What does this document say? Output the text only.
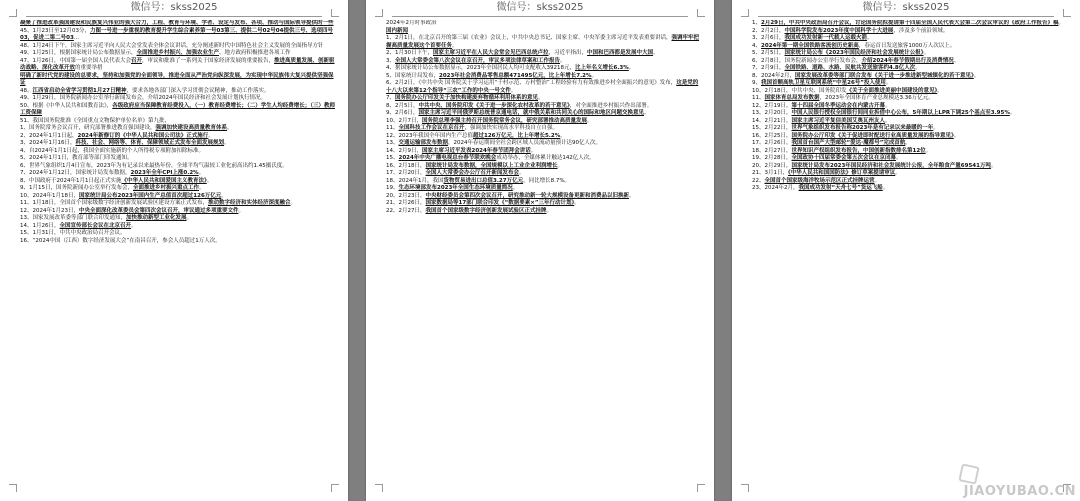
微信号：skss2025

凝聚了推进改革强国建设和民族复兴伟业的强大合力，工程、教育与环境、学者、设定与发布、各项、推动与国际领导提供的一些

45、1月23日至12月03分，力图一号进一步重视的教育提升学生综合素养第一号03第三、提供二号02号04提供三号、选项四号03，促进二第二号03...

48、1月24日下午，国家主席习近平向人民大会堂发表全体会议讲话，充分阐述新时代中国特色社会主义发展的全面指导方针

49、1月25日，根据国家统计局公布数据显示，全面推进乡村振兴、加强农业生产、地方政府积极推进各项工作

47、1月26日，中国第一届全国人民代表大会召开，审议和批准了一系列关于国家经济发展的重要报告，推进高质量发展、创新驱动战略、深化改革开放的重要举措

明确了新时代党的建设的总要求，坚持和加强党的全面领导，推进全面从严治党向纵深发展，为实现中华民族伟大复兴提供坚强保证

48、江西省启动全省学习贯彻1月27日精神，要求各地各部门深入学习贯彻会议精神，推动工作落实。

49、1月29日，国务院新闻办公室举行新闻发布会，介绍2024年国民经济和社会发展计划执行情况。

50、根据《中华人民共和国教育法》，各级政府应当保障教育经费投入，（一）教育经费增长；（二）学生人均经费增长；（三）教师工资保障

51、我国国务院批准《全国重点文物保护单位名单》第九批，

1、国务院常务会议召开，研究部署推进教育强国建设，强调加快建设高质量教育体系。

2、2024年1月1日起，2024年新修订的《中华人民共和国公司法》正式施行。

3、2024年1月16日，科技、社会、网络等、体育、保障领域正式发布全面发展规划。

4、自2024年1月1日起，我国全面实施新的个人所得税专项附加扣除标准。

5、2024年1月1日，教育部等部门印发通知。

6、世界气象组织1月4日宣布，2023年为有记录以来最热年份，全球平均气温较工业化前高出约1.45摄氏度。

7、2024年1月12日，国家统计局发布数据，2023年全年CPI上涨0.2%。

8、中国政府于2024年1月1日起正式实施《中华人民共和国爱国主义教育法》。

9、1月15日，国务院新闻办公室举行发布会，全面推进乡村振兴重点工作。

10、2024年1月18日，国家统计局公布2023年国内生产总值首次超过126万亿元。

11、1月18日，全国首个国家级数字经济创新发展试验区建设方案正式发布，推动数字经济和实体经济深度融合。

12、2024年1月23日，中央全面深化改革委员会第四次会议召开，审议通过多项重要文件。

13、国家发展改革委等部门联合印发通知，加快推动新型工业化发展。

14、1月26日，全国宣传部长会议在北京召开。

15、1月31日，中共中央政治局召开会议。

16、“2024中国（江西）数字经济发展大会”在南昌召开，参会人员超过1万人次。

微信号：skss2025

2024年2月时事政治

国内新闻

1、2月1日，在北京召开的第三届《农业》会议上，中共中央总书记、国家主席、中央军委主席习近平发表重要讲话，强调牢牢把握高质量发展这个首要任务。

2、1月30日下午，国家主席习近平在人民大会堂会见巴西总统卢拉，习近平指出，中国和巴西都是发展中大国。

3、全国人大常委会第八次会议在京召开，审议多项法律草案和工作报告。

4、据国家统计局公布数据显示，2023年全国居民人均可支配收入39218元，比上年名义增长6.3%。

5、国家统计局发布，2023年社会消费品零售总额471495亿元，比上年增长7.2%。

6、2月2日，《中共中央 国务院关于学习运用“千村示范、万村整治”工程经验有力有效推进乡村全面振兴的意见》发布，这是党的十八大以来第12个指导“三农”工作的中央一号文件。

7、国务院办公厅印发关于加快构建废弃物循环利用体系的意见。

8、2月5日，中共中央、国务院印发《关于进一步深化农村改革的若干意见》，对全面推进乡村振兴作出部署。

9、2月6日，国家主席习近平同俄罗斯总统普京通电话，就中俄关系和共同关心的国际和地区问题交换意见。

10、2月7日，国务院总理李强主持召开国务院常务会议，研究部署推动高质量发展。

11、全国科技工作会议在京召开，强调加快实现高水平科技自立自强。

12、2023年我国全年国内生产总值超过126万亿元，比上年增长5.2%。

13、交通运输部发布数据，2024年春运期间全社会跨区域人员流动量预计达90亿人次。

14、2月9日，国家主席习近平发表2024年春节团拜会讲话。

15、2024年中央广播电视总台春节联欢晚会成功举办，全媒体累计触达142亿人次。

16、2月18日，国家统计局发布数据，全国规模以上工业企业利润增长。

17、2月20日，全国人大常委会办公厅召开新闻发布会。

18、2024年1月，我国货物贸易进出口总值3.27万亿元，同比增长8.7%。

19、生态环境部发布2023年全国生态环境质量简况。

20、2月23日，中央财经委员会第四次会议召开，研究推动新一轮大规模设备更新和消费品以旧换新。

21、2月26日，国家数据局等17部门联合印发《“数据要素×”三年行动计划》。

22、2月27日，我国首个国家级数字经济创新发展试验区正式挂牌。

微信号：skss2025

1、2月29日，中共中央政治局召开会议，讨论国务院拟提请第十四届全国人民代表大会第二次会议审议的《政府工作报告》稿。

2、2月2日，中国科学院发布2023年度中国科学十大进展，涉及多个前沿领域。

3、2月6日，我国成功发射新一代载人运载火箭。

4、2024年第一期全国铁路客流创历史新高，春运首日发送旅客1000万人次以上。

5、2月5日，国家统计局公布《2023年国民经济和社会发展统计公报》。

6、2月8日，国务院新闻办公室举行发布会，介绍2024年春节假期出行及消费情况。

7、2月9日，全国铁路、道路、水路、民航共发送旅客约4.8亿人次。

8、2024年2月，国家发展改革委等部门联合发布《关于进一步推进新型城镇化的若干意见》。

9、我国首颗高轨卫星互联网系统“中星26号”投入使用。

10、2月18日，中共中央、国务院印发《关于全面推进美丽中国建设的意见》。

11、国家体育总局发布数据，2023年全国体育产业总规模达3.36万亿元。

12、2月19日，第十四届全国冬季运动会在内蒙古开幕。

13、2月20日，中国人民银行授权全国银行间同业拆借中心公布，5年期以上LPR下调25个基点至3.95%。

14、2月21日，国家主席习近平复信美国艾奥瓦州友人。

15、2月22日，世界气象组织发布报告称2023年是有记录以来最暖的一年。

16、2月25日，国务院办公厅印发《关于促进即时配送行业高质量发展的指导意见》。

17、2月26日，我国首台国产大型邮轮“爱达·魔都号”完成首航。

18、2月27日，世界知识产权组织发布报告，中国创新指数排名第12位。

19、2月28日，全国政协十四届常委会第五次会议在京闭幕。

20、2月29日，国家统计局发布2023年国民经济和社会发展统计公报，全年粮食产量69541万吨。

21、3月1日，《中华人民共和国国防法》修订草案提请审议。

22、全国首个国家级海洋牧场示范区正式挂牌运营。

23、2024年2月，我国成功发射“天舟七号”货运飞船。

JIAOYUBAO.CN
